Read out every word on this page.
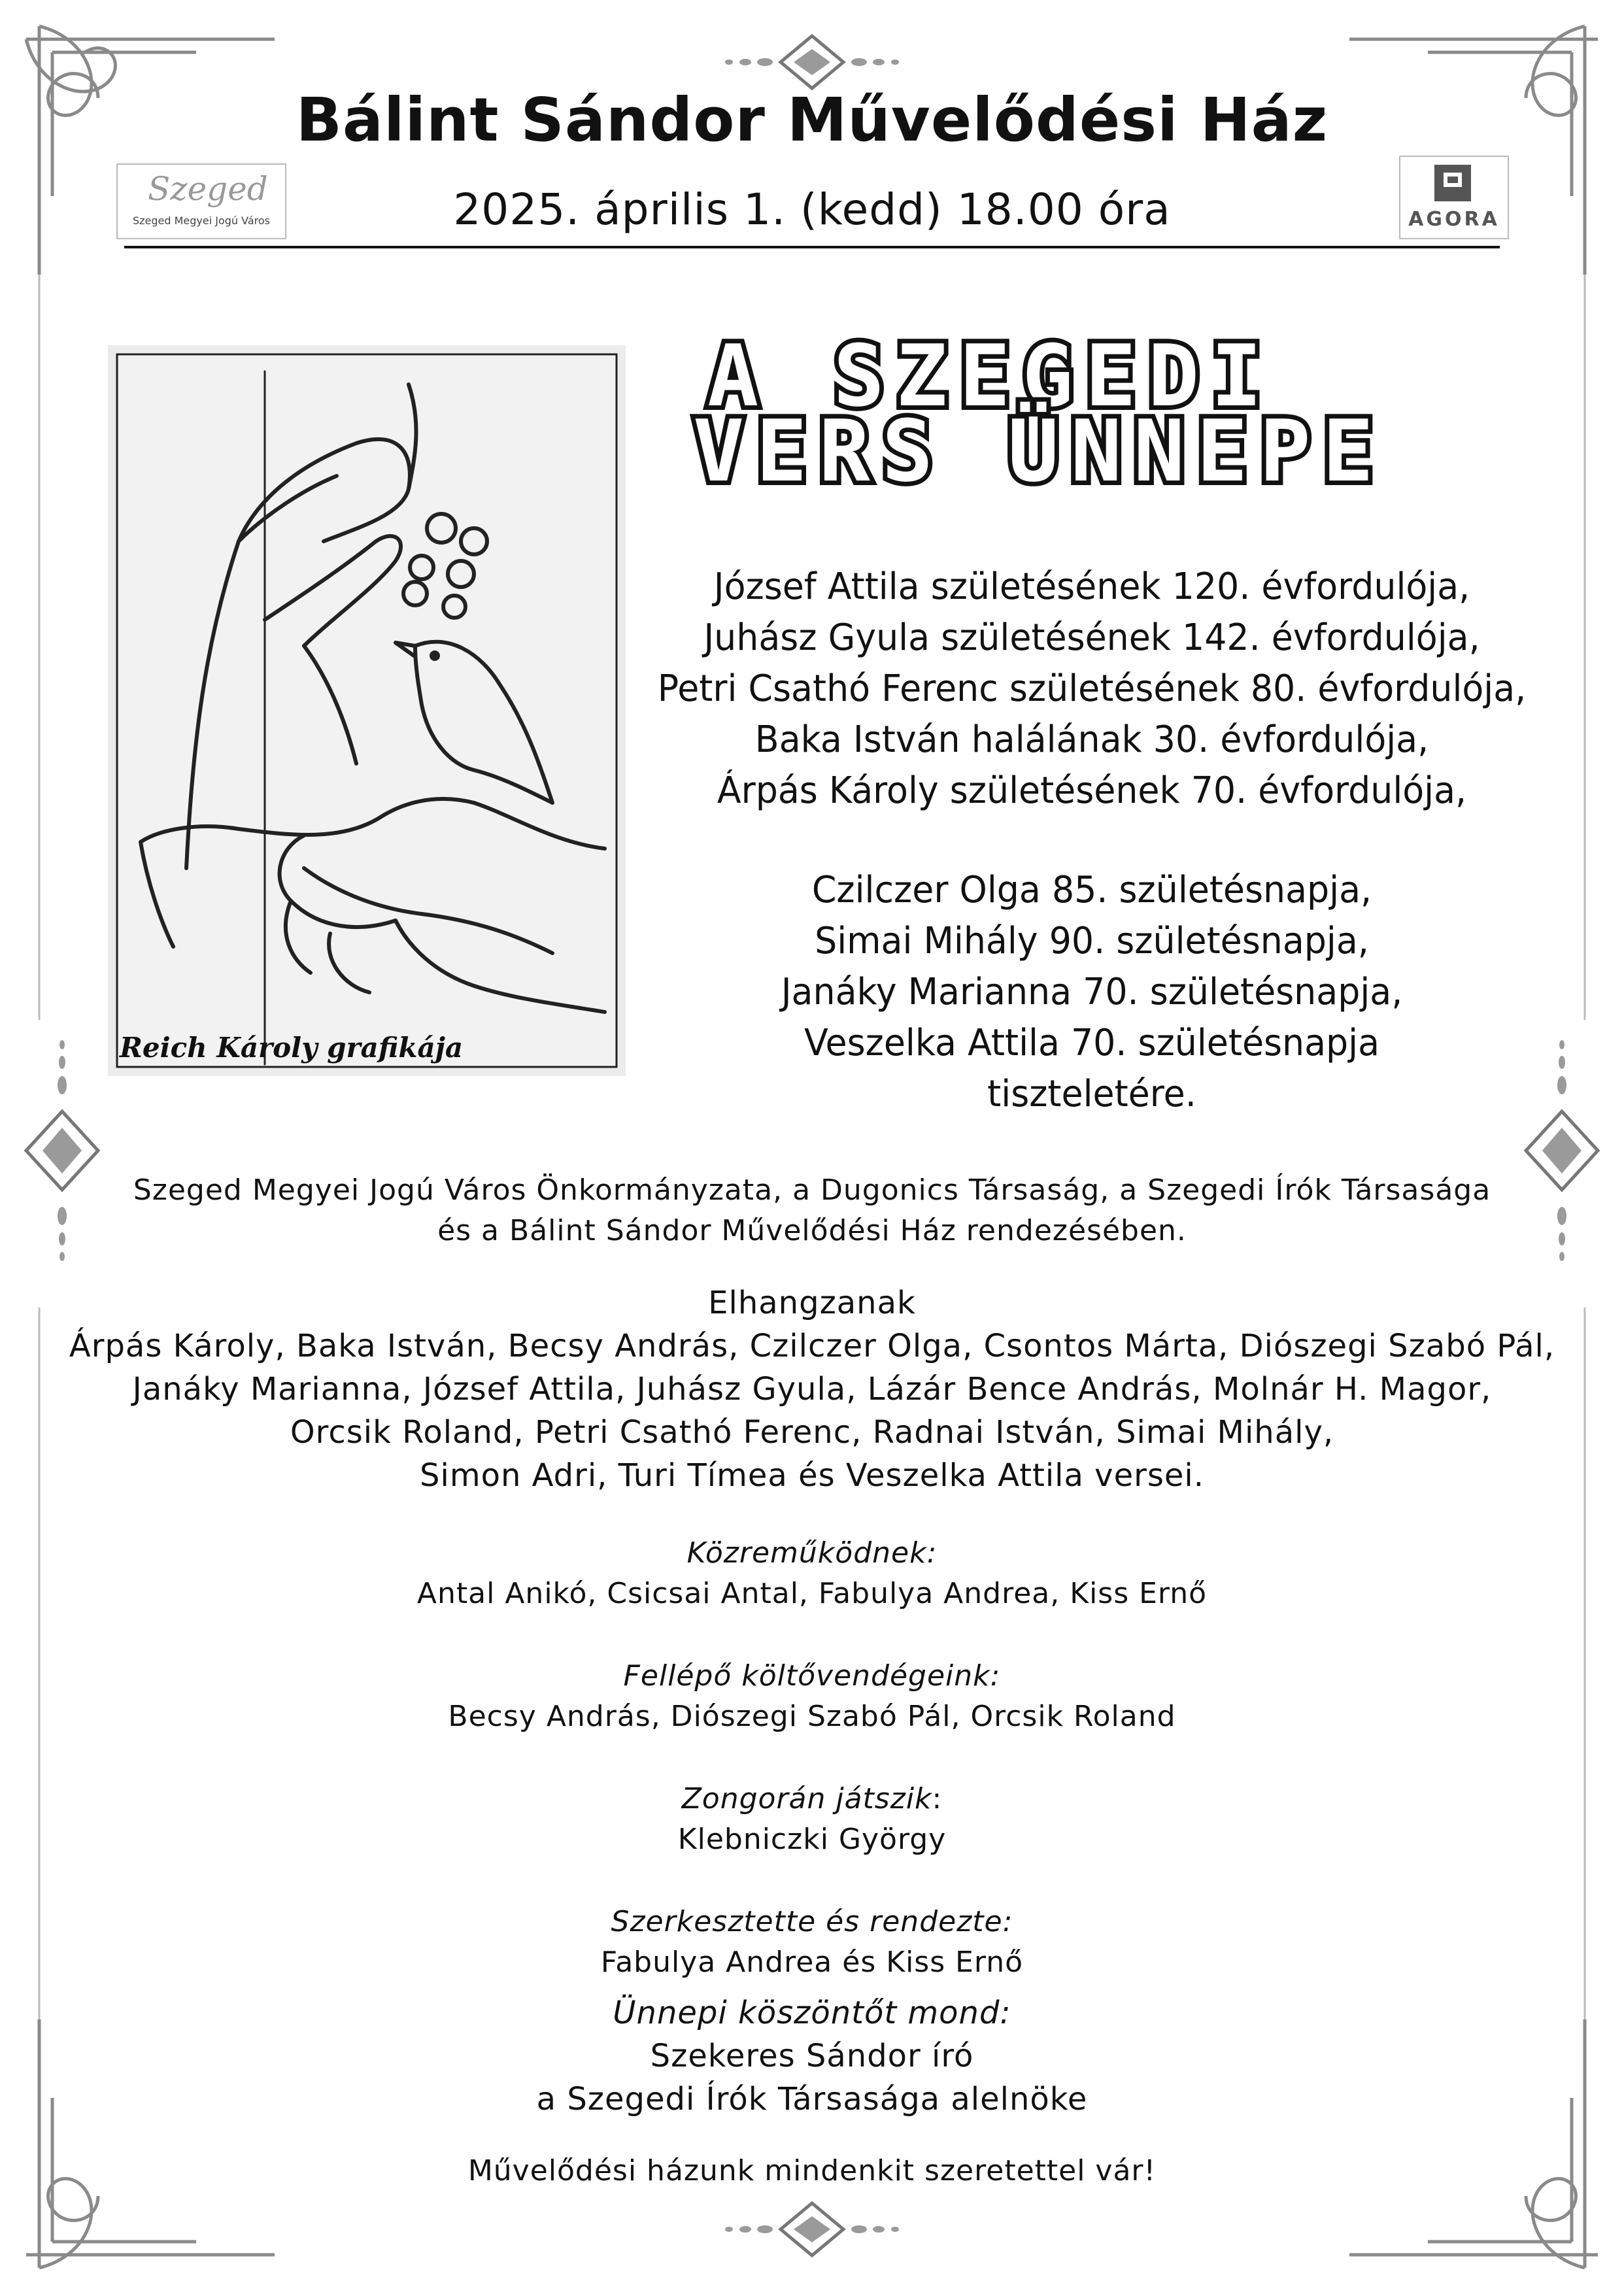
Bálint Sándor Művelődési Ház
2025. április 1. (kedd) 18.00 óra
Szeged
Szeged Megyei Jogú Város	AGORA
Reich Károly grafikája
A SZEGEDI
VERS ÜNNEPE
József Attila születésének 120. évfordulója,
Juhász Gyula születésének 142. évfordulója,
Petri Csathó Ferenc születésének 80. évfordulója,
Baka István halálának 30. évfordulója,
Árpás Károly születésének 70. évfordulója,
Czilczer Olga 85. születésnapja,
Simai Mihály 90. születésnapja,
Janáky Marianna 70. születésnapja,
Veszelka Attila 70. születésnapja
tiszteletére.
Szeged Megyei Jogú Város Önkormányzata, a Dugonics Társaság, a Szegedi Írók Társasága
és a Bálint Sándor Művelődési Ház rendezésében.
Elhangzanak
Árpás Károly, Baka István, Becsy András, Czilczer Olga, Csontos Márta, Diószegi Szabó Pál,
Janáky Marianna, József Attila, Juhász Gyula, Lázár Bence András, Molnár H. Magor,
Orcsik Roland, Petri Csathó Ferenc, Radnai István, Simai Mihály,
Simon Adri, Turi Tímea és Veszelka Attila versei.
Közreműködnek:
Antal Anikó, Csicsai Antal, Fabulya Andrea, Kiss Ernő
Fellépő költővendégeink:
Becsy András, Diószegi Szabó Pál, Orcsik Roland
Zongorán játszik:
Klebniczki György
Szerkesztette és rendezte:
Fabulya Andrea és Kiss Ernő
Ünnepi köszöntőt mond:
Szekeres Sándor író
a Szegedi Írók Társasága alelnöke
Művelődési házunk mindenkit szeretettel vár!
